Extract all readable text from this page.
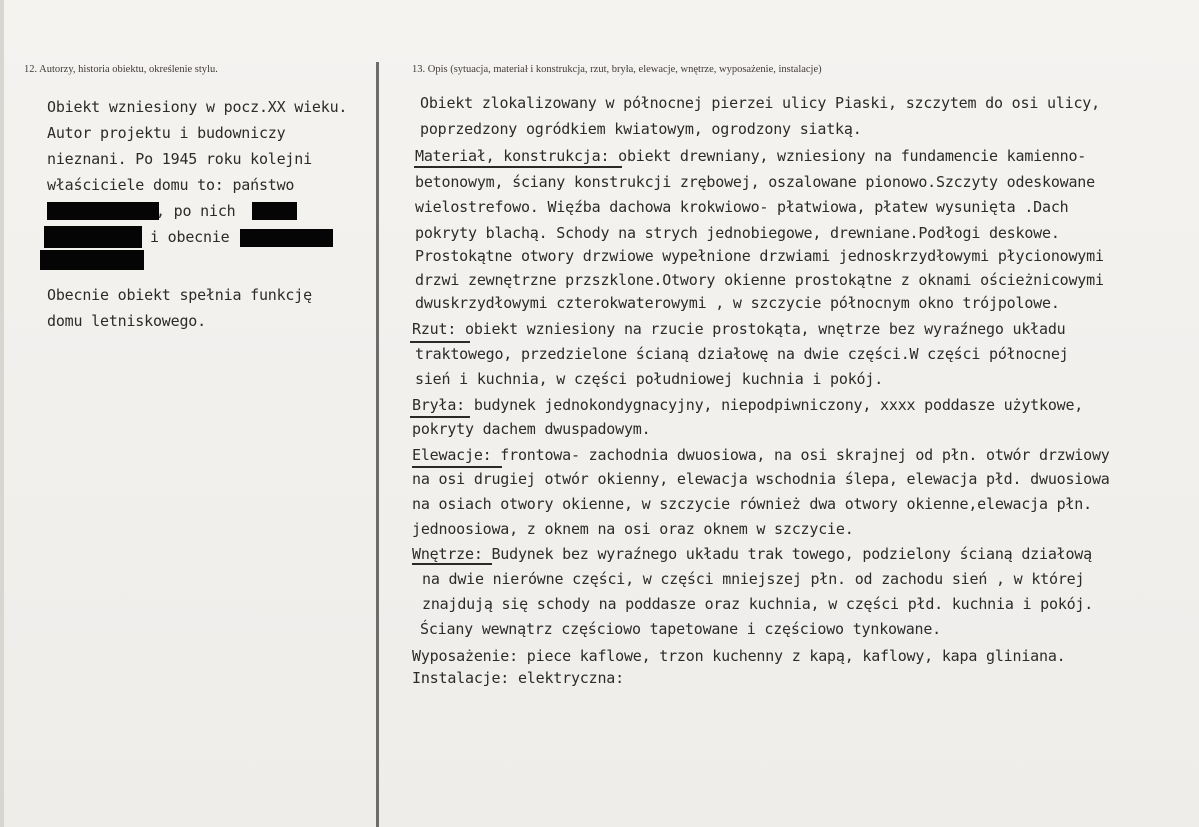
12. Autorzy, historia obiektu, określenie stylu.	13. Opis (sytuacja, materiał i konstrukcja, rzut, bryła, elewacje, wnętrze, wyposażenie, instalacje)
Obiekt wzniesiony w pocz.XX wieku.
Autor projektu i budowniczy
nieznani. Po 1945 roku kolejni
właściciele domu to: państwo
, po nich
i obecnie
Obecnie obiekt spełnia funkcję
domu letniskowego.
Obiekt zlokalizowany w północnej pierzei ulicy Piaski, szczytem do osi ulicy,
poprzedzony ogródkiem kwiatowym, ogrodzony siatką.
Materiał, konstrukcja: obiekt drewniany, wzniesiony na fundamencie kamienno-
betonowym, ściany konstrukcji zrębowej, oszalowane pionowo.Szczyty odeskowane
wielostrefowo. Więźba dachowa krokwiowo- płatwiowa, płatew wysunięta .Dach
pokryty blachą. Schody na strych jednobiegowe, drewniane.Podłogi deskowe.
Prostokątne otwory drzwiowe wypełnione drzwiami jednoskrzydłowymi płycionowymi
drzwi zewnętrzne przszklone.Otwory okienne prostokątne z oknami ościeżnicowymi
dwuskrzydłowymi czterokwaterowymi , w szczycie północnym okno trójpolowe.
Rzut: obiekt wzniesiony na rzucie prostokąta, wnętrze bez wyraźnego układu
traktowego, przedzielone ścianą działowę na dwie części.W części północnej
sień i kuchnia, w części południowej kuchnia i pokój.
Bryła: budynek jednokondygnacyjny, niepodpiwniczony, xxxx poddasze użytkowe,
pokryty dachem dwuspadowym.
Elewacje: frontowa- zachodnia dwuosiowa, na osi skrajnej od płn. otwór drzwiowy
na osi drugiej otwór okienny, elewacja wschodnia ślepa, elewacja płd. dwuosiowa
na osiach otwory okienne, w szczycie również dwa otwory okienne,elewacja płn.
jednoosiowa, z oknem na osi oraz oknem w szczycie.
Wnętrze: Budynek bez wyraźnego układu trak towego, podzielony ścianą działową
na dwie nierówne części, w części mniejszej płn. od zachodu sień , w której
znajdują się schody na poddasze oraz kuchnia, w części płd. kuchnia i pokój.
Ściany wewnątrz częściowo tapetowane i częściowo tynkowane.
Wyposażenie: piece kaflowe, trzon kuchenny z kapą, kaflowy, kapa gliniana.
Instalacje: elektryczna:
